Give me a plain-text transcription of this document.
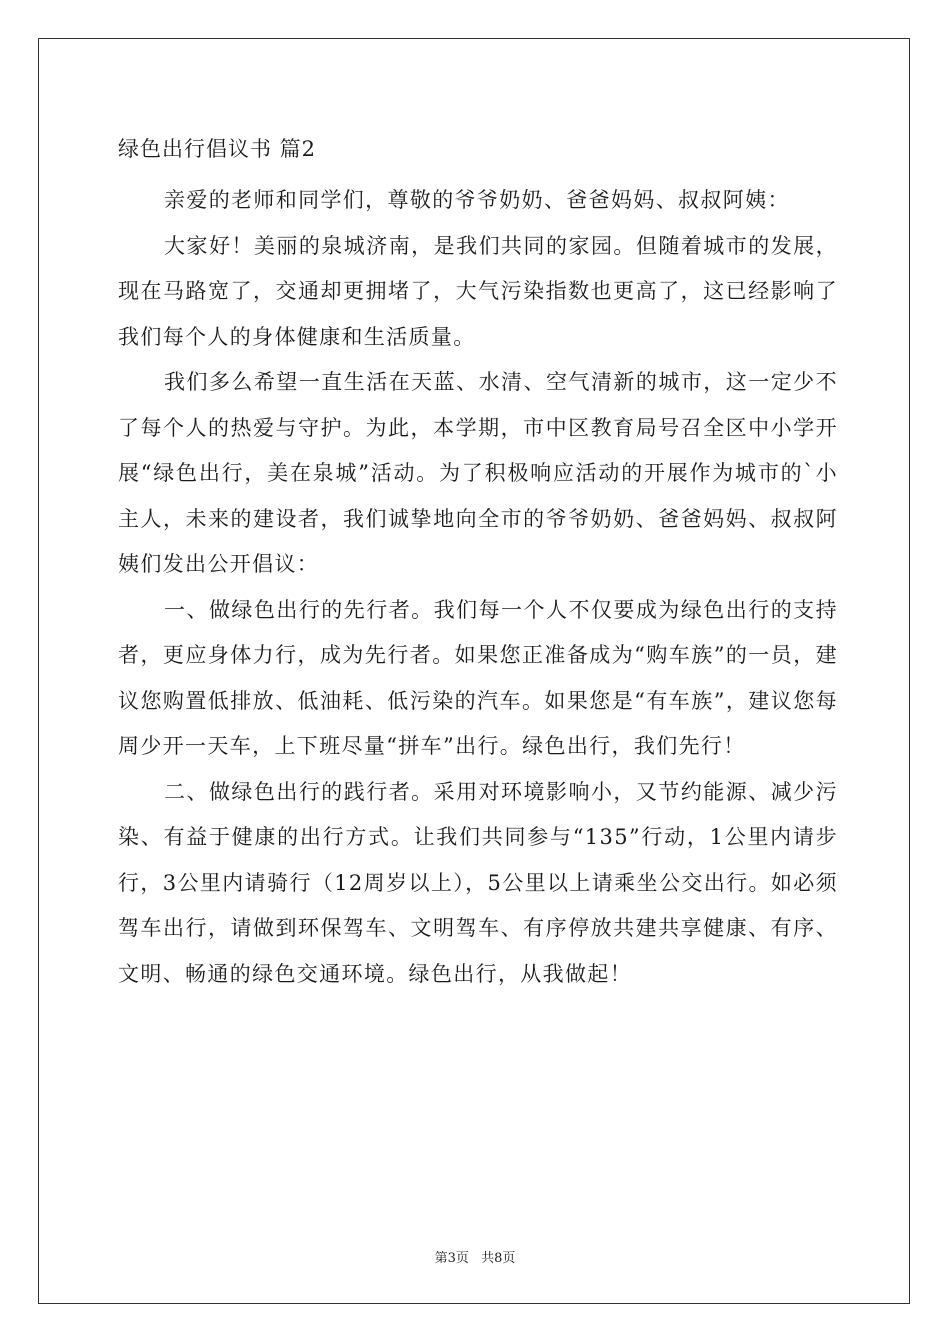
绿色出行倡议书 篇2

亲爱的老师和同学们，尊敬的爷爷奶奶、爸爸妈妈、叔叔阿姨：

大家好！美丽的泉城济南，是我们共同的家园。但随着城市的发展，现在马路宽了，交通却更拥堵了，大气污染指数也更高了，这已经影响了我们每个人的身体健康和生活质量。

我们多么希望一直生活在天蓝、水清、空气清新的城市，这一定少不了每个人的热爱与守护。为此，本学期，市中区教育局号召全区中小学开展“绿色出行，美在泉城”活动。为了积极响应活动的开展作为城市的`小主人，未来的建设者，我们诚挚地向全市的爷爷奶奶、爸爸妈妈、叔叔阿姨们发出公开倡议：

一、做绿色出行的先行者。我们每一个人不仅要成为绿色出行的支持者，更应身体力行，成为先行者。如果您正准备成为“购车族”的一员，建议您购置低排放、低油耗、低污染的汽车。如果您是“有车族”，建议您每周少开一天车，上下班尽量“拼车”出行。绿色出行，我们先行！

二、做绿色出行的践行者。采用对环境影响小，又节约能源、减少污染、有益于健康的出行方式。让我们共同参与“135”行动，1公里内请步行，3公里内请骑行（12周岁以上），5公里以上请乘坐公交出行。如必须驾车出行，请做到环保驾车、文明驾车、有序停放共建共享健康、有序、文明、畅通的绿色交通环境。绿色出行，从我做起！

第3页 共8页
